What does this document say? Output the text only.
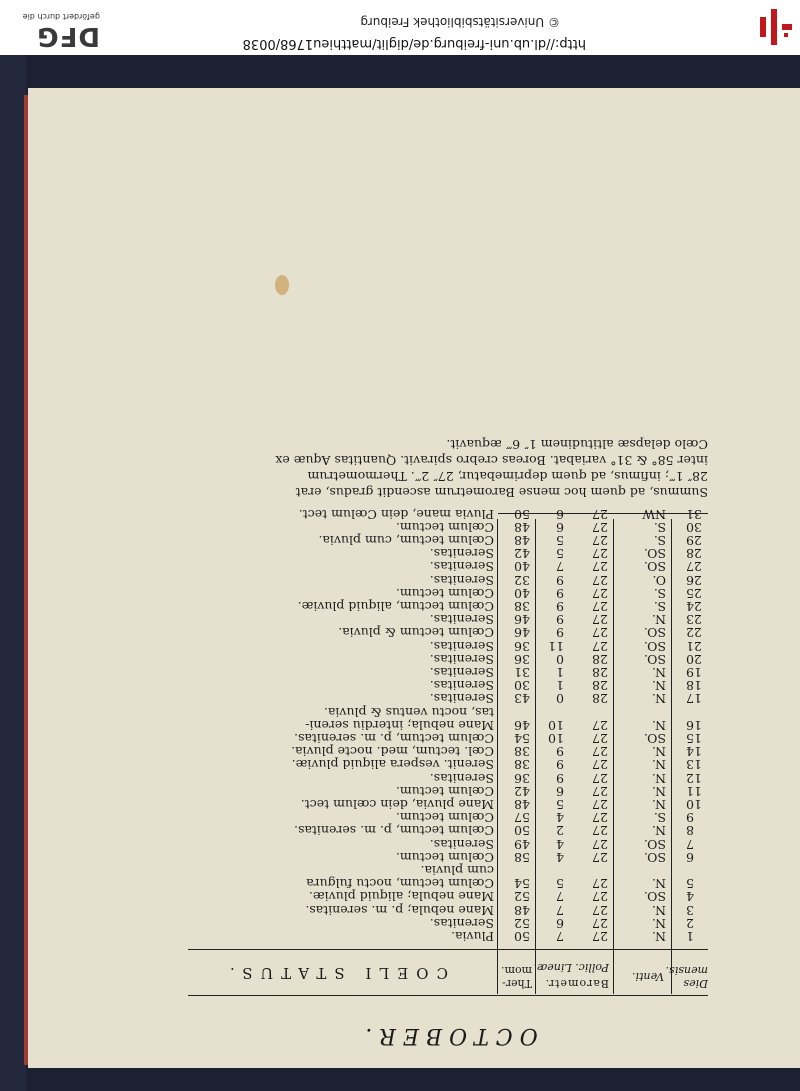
http://dl.ub.uni-freiburg.de/diglit/matthieu1768/0038
© Universitätsbibliothek Freiburg
DFG
gefördert durch die
OCTOBER.
Dies
mensis.
Venti.
Barometr.
Pollic. Lineæ.
Ther-
mom.
COELI STATUS.
1
N.
27
7
50
Pluvia.
2
N.
27
6
52
Serenitas.
3
N.
27
7
48
Mane nebula; p. m. serenitas.
4
SO.
27
7
52
Mane nebula; aliquid pluviæ.
5
N.
27
5
54
Cœlum tectum, noctu fulgura
cum pluvia.
6
SO.
27
4
58
Cœlum tectum.
7
SO.
27
4
49
Serenitas.
8
N.
27
2
50
Cœlum tectum, p. m. serenitas.
9
S.
27
4
57
Cœlum tectum.
10
N.
27
5
48
Mane pluvia, dein cœlum tect.
11
N.
27
6
42
Cœlum tectum.
12
N.
27
9
36
Serenitas.
13
N.
27
9
38
Serenit. vespera aliquid pluviæ.
14
N.
27
9
38
Cœl. tectum, med. nocte pluvia.
15
SO.
27
10
54
Cœlum tectum, p. m. serenitas.
16
N.
27
10
46
Mane nebula; interdiu sereni-
tas, noctu ventus & pluvia.
17
N.
28
0
43
Serenitas.
18
N.
28
1
30
Serenitas.
19
N.
28
1
31
Serenitas.
20
SO.
28
0
36
Serenitas.
21
SO.
27
11
36
Serenitas.
22
SO.
27
9
46
Cœlum tectum & pluvia.
23
N.
27
9
46
Serenitas.
24
S.
27
9
38
Cœlum tectum, aliquid pluviæ.
25
S.
27
9
40
Cœlum tectum.
26
O.
27
9
32
Serenitas.
27
SO.
27
7
40
Serenitas.
28
SO.
27
5
42
Serenitas.
29
S.
27
5
48
Cœlum tectum, cum pluvia.
30
S.
27
6
48
Cœlum tectum.
31
NW
27
6
50
Pluvia mane, dein Cœlum tect.
Summus, ad quem hoc mense Barometrum ascendit gradus, erat
28″ 1‴; infimus, ad quem deprimebatur, 27″ 2‴. Thermometrum
inter 58° & 31° variabat. Boreas crebro spiravit. Quantitas Aquæ ex
Cœlo delapsæ altitudinem 1″ 6‴ æquavit.
